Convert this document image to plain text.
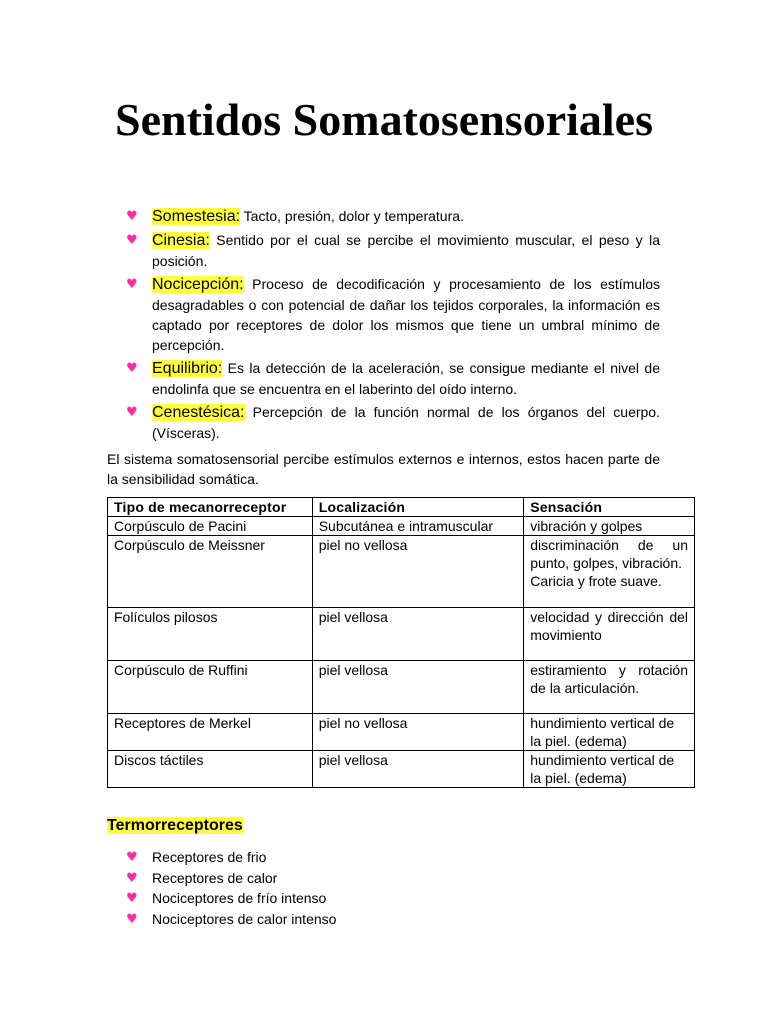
Sentidos Somatosensoriales
♥ Somestesia: Tacto, presión, dolor y temperatura.
♥ Cinesia: Sentido por el cual se percibe el movimiento muscular, el peso y la posición.
♥ Nocicepción: Proceso de decodificación y procesamiento de los estímulos desagradables o con potencial de dañar los tejidos corporales, la información es captado por receptores de dolor los mismos que tiene un umbral mínimo de percepción.
♥ Equilibrio: Es la detección de la aceleración, se consigue mediante el nivel de endolinfa que se encuentra en el laberinto del oído interno.
♥ Cenestésica: Percepción de la función normal de los órganos del cuerpo. (Vísceras).

El sistema somatosensorial percibe estímulos externos e internos, estos hacen parte de la sensibilidad somática.

Tipo de mecanorreceptor	Localización	Sensación
Corpúsculo de Pacini	Subcutánea e intramuscular	vibración y golpes
Corpúsculo de Meissner	piel no vellosa	discriminación de un punto, golpes, vibración.
Caricia y frote suave.

Folículos pilosos	piel vellosa	velocidad y dirección del movimiento
Corpúsculo de Ruffini	piel vellosa	estiramiento y rotación de la articulación.
Receptores de Merkel	piel no vellosa	hundimiento vertical de la piel. (edema)
Discos táctiles	piel vellosa	hundimiento vertical de la piel. (edema)
Termorreceptores
♥ Receptores de frio
♥ Receptores de calor
♥ Nociceptores de frío intenso
♥ Nociceptores de calor intenso
